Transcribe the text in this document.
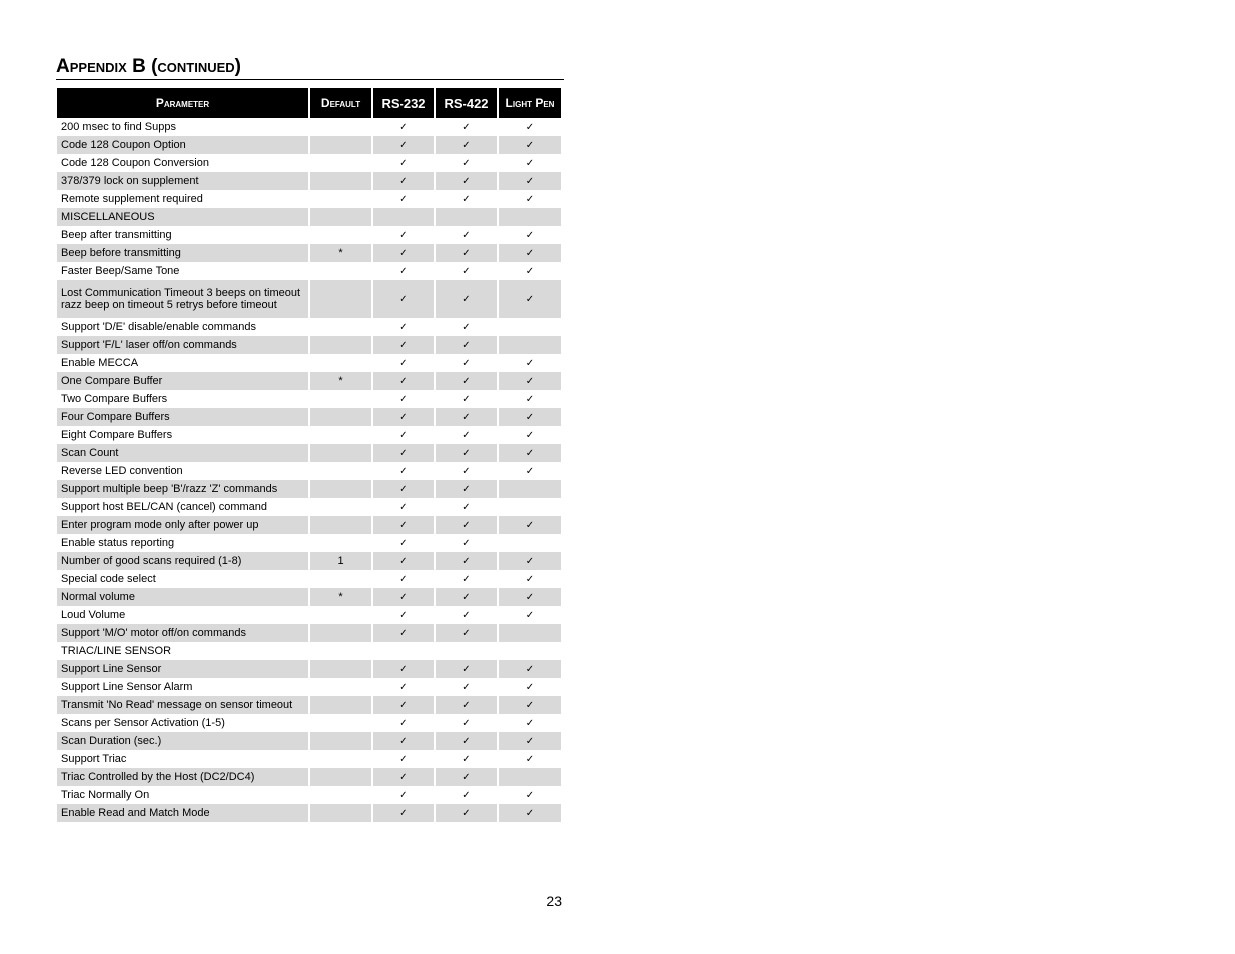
Appendix B (continued)
Parameter	Default	RS-232	RS-422	Light Pen
200 msec to find Supps		✓	✓	✓
Code 128 Coupon Option		✓	✓	✓
Code 128 Coupon Conversion		✓	✓	✓
378/379 lock on supplement		✓	✓	✓
Remote supplement required		✓	✓	✓
MISCELLANEOUS				
Beep after transmitting		✓	✓	✓
Beep before transmitting	*	✓	✓	✓
Faster Beep/Same Tone		✓	✓	✓
Lost Communication Timeout 3 beeps on timeout razz beep on timeout 5 retrys before timeout		✓	✓	✓
Support 'D/E' disable/enable commands		✓	✓	
Support 'F/L' laser off/on commands		✓	✓	
Enable MECCA		✓	✓	✓
One Compare Buffer	*	✓	✓	✓
Two Compare Buffers		✓	✓	✓
Four Compare Buffers		✓	✓	✓
Eight Compare Buffers		✓	✓	✓
Scan Count		✓	✓	✓
Reverse LED convention		✓	✓	✓
Support multiple beep 'B'/razz 'Z' commands		✓	✓	
Support host BEL/CAN (cancel) command		✓	✓	
Enter program mode only after power up		✓	✓	✓
Enable status reporting		✓	✓	
Number of good scans required (1-8)	1	✓	✓	✓
Special code select		✓	✓	✓
Normal volume	*	✓	✓	✓
Loud Volume		✓	✓	✓
Support 'M/O' motor off/on commands		✓	✓	
TRIAC/LINE SENSOR				
Support Line Sensor		✓	✓	✓
Support Line Sensor Alarm		✓	✓	✓
Transmit 'No Read' message on sensor timeout		✓	✓	✓
Scans per Sensor Activation (1-5)		✓	✓	✓
Scan Duration (sec.)		✓	✓	✓
Support Triac		✓	✓	✓
Triac Controlled by the Host (DC2/DC4)		✓	✓	
Triac Normally On		✓	✓	✓
Enable Read and Match Mode		✓	✓	✓
23
